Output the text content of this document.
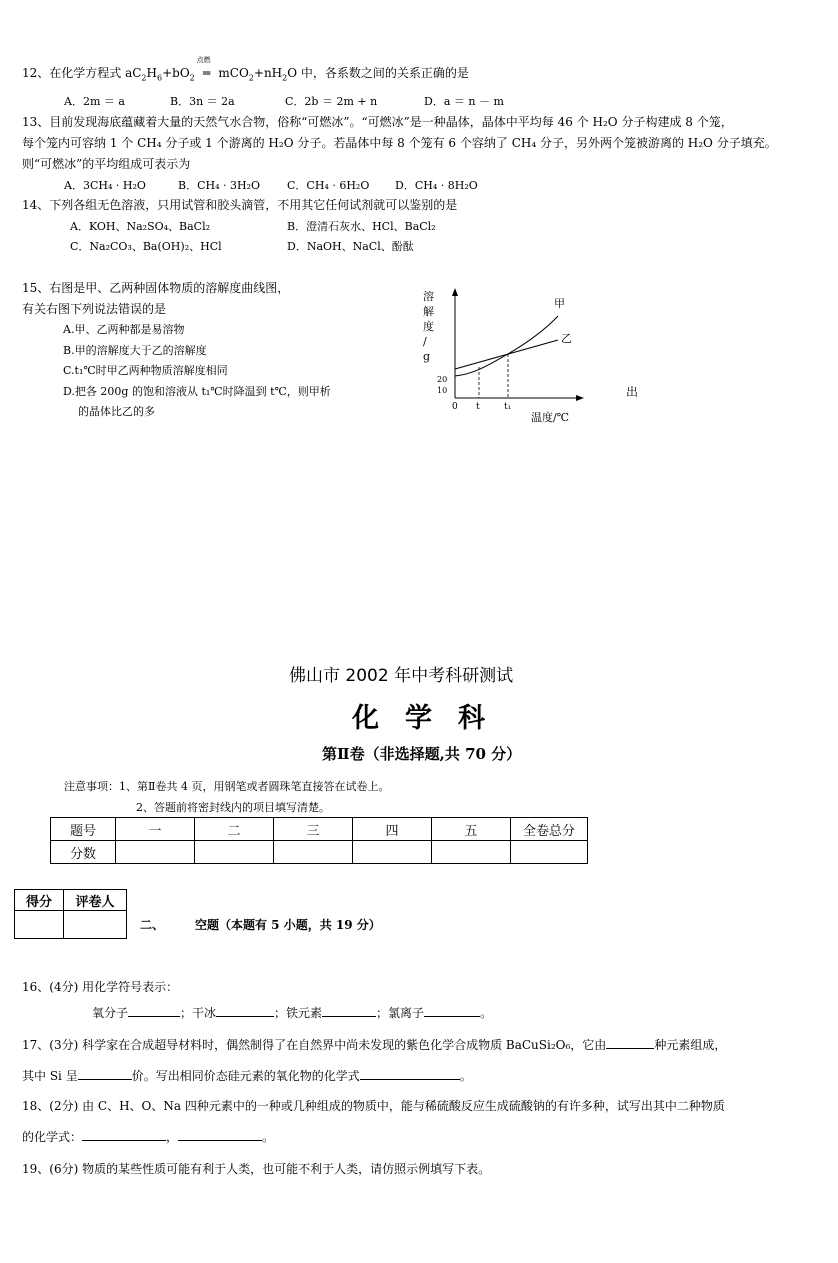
12、在化学方程式 $aC_2H_6+bO_2$
点燃
═ $mCO_2+nH_2O$ 中，各系数之间的关系正确的是
A．2m ＝ a	B．3n ＝ 2a	C．2b ＝ 2m + n	D．a ＝ n － m
13、目前发现海底蕴藏着大量的天然气水合物，俗称“可燃冰”。“可燃冰”是一种晶体，晶体中平均每 46 个 H₂O 分子构建成 8 个笼，
每个笼内可容纳 1 个 CH₄ 分子或 1 个游离的 H₂O 分子。若晶体中每 8 个笼有 6 个容纳了 CH₄ 分子，另外两个笼被游离的 H₂O 分子填充。
则“可燃冰”的平均组成可表示为
A．3CH₄ · H₂O	B．CH₄ · 3H₂O C．CH₄ · 6H₂O D．CH₄ · 8H₂O
14、下列各组无色溶液，只用试管和胶头滴管，不用其它任何试剂就可以鉴别的是
A．KOH、Na₂SO₄、BaCl₂	B．澄清石灰水、HCl、BaCl₂
C．Na₂CO₃、Ba(OH)₂、HCl	D．NaOH、NaCl、酚酞
15、右图是甲、乙两种固体物质的溶解度曲线图，
有关右图下列说法错误的是
A.甲、乙两种都是易溶物
B.甲的溶解度大于乙的溶解度
C.t₁℃时甲乙两种物质溶解度相同
D.把各 200g 的饱和溶液从 t₁℃时降温到 t℃，则甲析
的晶体比乙的多
出
溶
解
度
/
g
甲
乙
20
10
0 t	t₁
温度/℃
佛山市 2002 年中考科研测试
化学科
第Ⅱ卷（非选择题,共 70 分）
注意事项：1、第Ⅱ卷共 4 页，用钢笔或者圆珠笔直接答在试卷上。
2、答题前将密封线内的项目填写清楚。
题号	一	二	三	四	五	全卷总分
分数						
得分	评卷人

二、	空题（本题有 5 小题，共 19 分）
16、(4分) 用化学符号表示：
氧分子	；干冰	；铁元素	；氯离子	。
17、(3分) 科学家在合成超导材料时，偶然制得了在自然界中尚未发现的紫色化学合成物质 BaCuSi₂O₆，它由	种元素组成，
其中 Si 呈	价。写出相同价态硅元素的氧化物的化学式	。
18、(2分) 由 C、H、O、Na 四种元素中的一种或几种组成的物质中，能与稀硫酸反应生成硫酸钠的有许多种，试写出其中二种物质
的化学式：	，	。
19、(6分) 物质的某些性质可能有利于人类，也可能不利于人类，请仿照示例填写下表。
